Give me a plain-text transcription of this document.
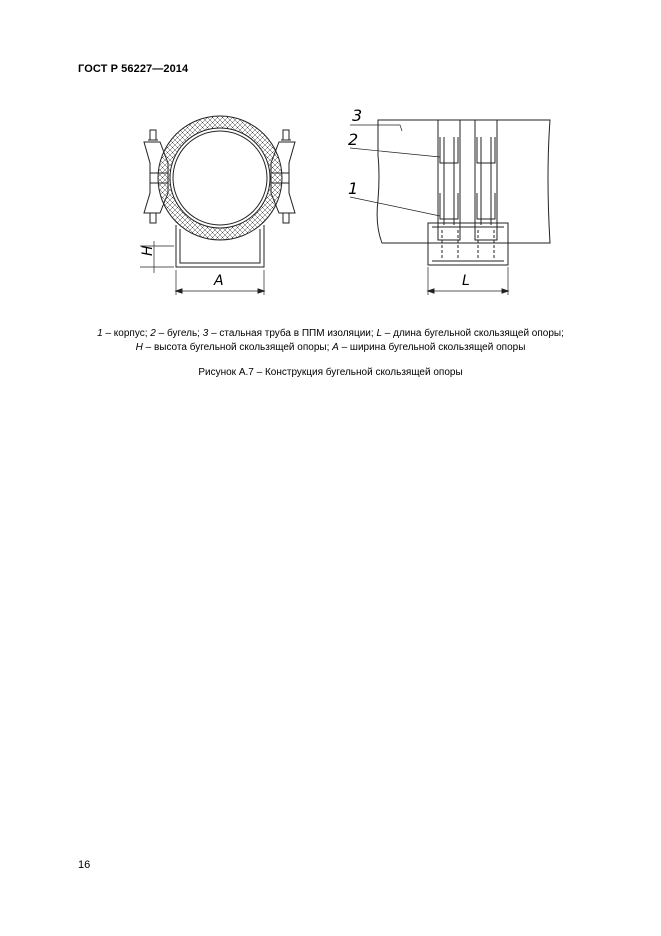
ГОСТ Р 56227—2014
H
A
3
2
1
L
1 – корпус; 2 – бугель; 3 – стальная труба в ППМ изоляции; L – длина бугельной скользящей опоры;
H – высота бугельной скользящей опоры; A – ширина бугельной скользящей опоры
Рисунок А.7 – Конструкция бугельной скользящей опоры
16
